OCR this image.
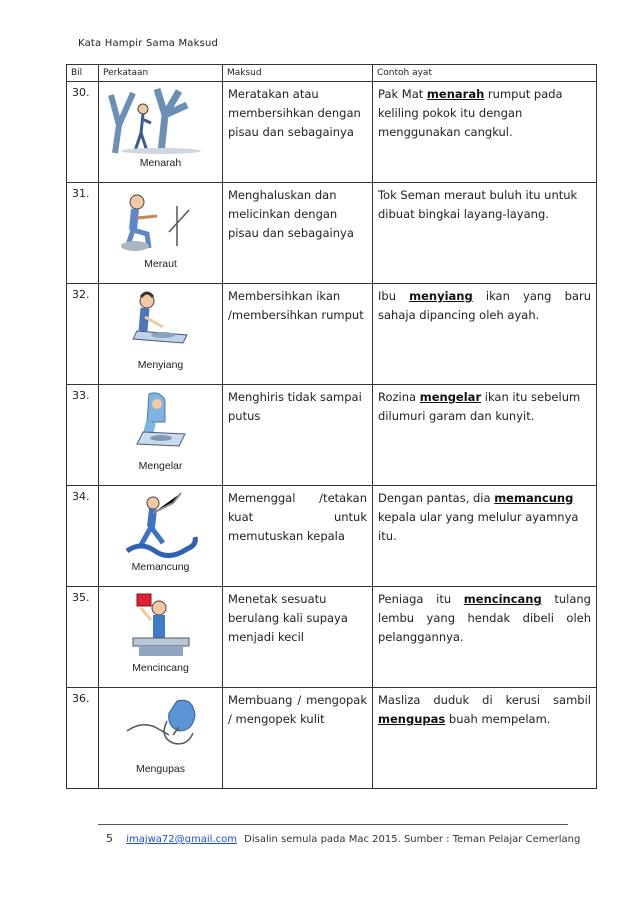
Kata Hampir Sama Maksud
Bil	Perkataan	Maksud	Contoh ayat
30.	Menarah	Meratakan atau membersihkan dengan pisau dan sebagainya	Pak Mat menarah rumput pada keliling pokok itu dengan menggunakan cangkul.
31.	Meraut	Menghaluskan dan melicinkan dengan pisau dan sebagainya	Tok Seman meraut buluh itu untuk dibuat bingkai layang-layang.
32.	Menyiang	Membersihkan ikan /membersihkan rumput	Ibu menyiang ikan yang baru sahaja dipancing oleh ayah.
33.	Mengelar	Menghiris tidak sampai putus	Rozina mengelar ikan itu sebelum dilumuri garam dan kunyit.
34.	Memancung	Memenggal /tetakan kuat untuk memutuskan kepala	Dengan pantas, dia memancung kepala ular yang melulur ayamnya itu.
35.	Mencincang	Menetak sesuatu berulang kali supaya menjadi kecil	Peniaga itu mencincang tulang lembu yang hendak dibeli oleh pelanggannya.
36.	Mengupas	Membuang / mengopak / mengopek kulit	Masliza duduk di kerusi sambil mengupas buah mempelam.
5 imajwa72@gmail.com Disalin semula pada Mac 2015. Sumber : Teman Pelajar Cemerlang
